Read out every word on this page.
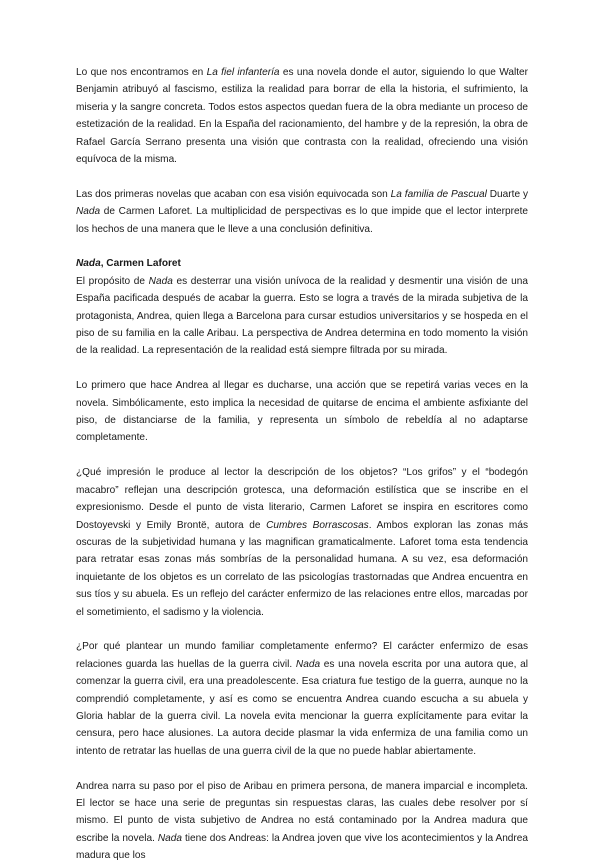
Lo que nos encontramos en La fiel infantería es una novela donde el autor, siguiendo lo que Walter Benjamin atribuyó al fascismo, estiliza la realidad para borrar de ella la historia, el sufrimiento, la miseria y la sangre concreta. Todos estos aspectos quedan fuera de la obra mediante un proceso de estetización de la realidad. En la España del racionamiento, del hambre y de la represión, la obra de Rafael García Serrano presenta una visión que contrasta con la realidad, ofreciendo una visión equívoca de la misma.

Las dos primeras novelas que acaban con esa visión equivocada son La familia de Pascual Duarte y Nada de Carmen Laforet. La multiplicidad de perspectivas es lo que impide que el lector interprete los hechos de una manera que le lleve a una conclusión definitiva.

Nada, Carmen Laforet

El propósito de Nada es desterrar una visión unívoca de la realidad y desmentir una visión de una España pacificada después de acabar la guerra. Esto se logra a través de la mirada subjetiva de la protagonista, Andrea, quien llega a Barcelona para cursar estudios universitarios y se hospeda en el piso de su familia en la calle Aribau. La perspectiva de Andrea determina en todo momento la visión de la realidad. La representación de la realidad está siempre filtrada por su mirada.

Lo primero que hace Andrea al llegar es ducharse, una acción que se repetirá varias veces en la novela. Simbólicamente, esto implica la necesidad de quitarse de encima el ambiente asfixiante del piso, de distanciarse de la familia, y representa un símbolo de rebeldía al no adaptarse completamente.

¿Qué impresión le produce al lector la descripción de los objetos? “Los grifos” y el “bodegón macabro” reflejan una descripción grotesca, una deformación estilística que se inscribe en el expresionismo. Desde el punto de vista literario, Carmen Laforet se inspira en escritores como Dostoyevski y Emily Brontë, autora de Cumbres Borrascosas. Ambos exploran las zonas más oscuras de la subjetividad humana y las magnifican gramaticalmente. Laforet toma esta tendencia para retratar esas zonas más sombrías de la personalidad humana. A su vez, esa deformación inquietante de los objetos es un correlato de las psicologías trastornadas que Andrea encuentra en sus tíos y su abuela. Es un reflejo del carácter enfermizo de las relaciones entre ellos, marcadas por el sometimiento, el sadismo y la violencia.

¿Por qué plantear un mundo familiar completamente enfermo? El carácter enfermizo de esas relaciones guarda las huellas de la guerra civil. Nada es una novela escrita por una autora que, al comenzar la guerra civil, era una preadolescente. Esa criatura fue testigo de la guerra, aunque no la comprendió completamente, y así es como se encuentra Andrea cuando escucha a su abuela y Gloria hablar de la guerra civil. La novela evita mencionar la guerra explícitamente para evitar la censura, pero hace alusiones. La autora decide plasmar la vida enfermiza de una familia como un intento de retratar las huellas de una guerra civil de la que no puede hablar abiertamente.

Andrea narra su paso por el piso de Aribau en primera persona, de manera imparcial e incompleta. El lector se hace una serie de preguntas sin respuestas claras, las cuales debe resolver por sí mismo. El punto de vista subjetivo de Andrea no está contaminado por la Andrea madura que escribe la novela. Nada tiene dos Andreas: la Andrea joven que vive los acontecimientos y la Andrea madura que los
